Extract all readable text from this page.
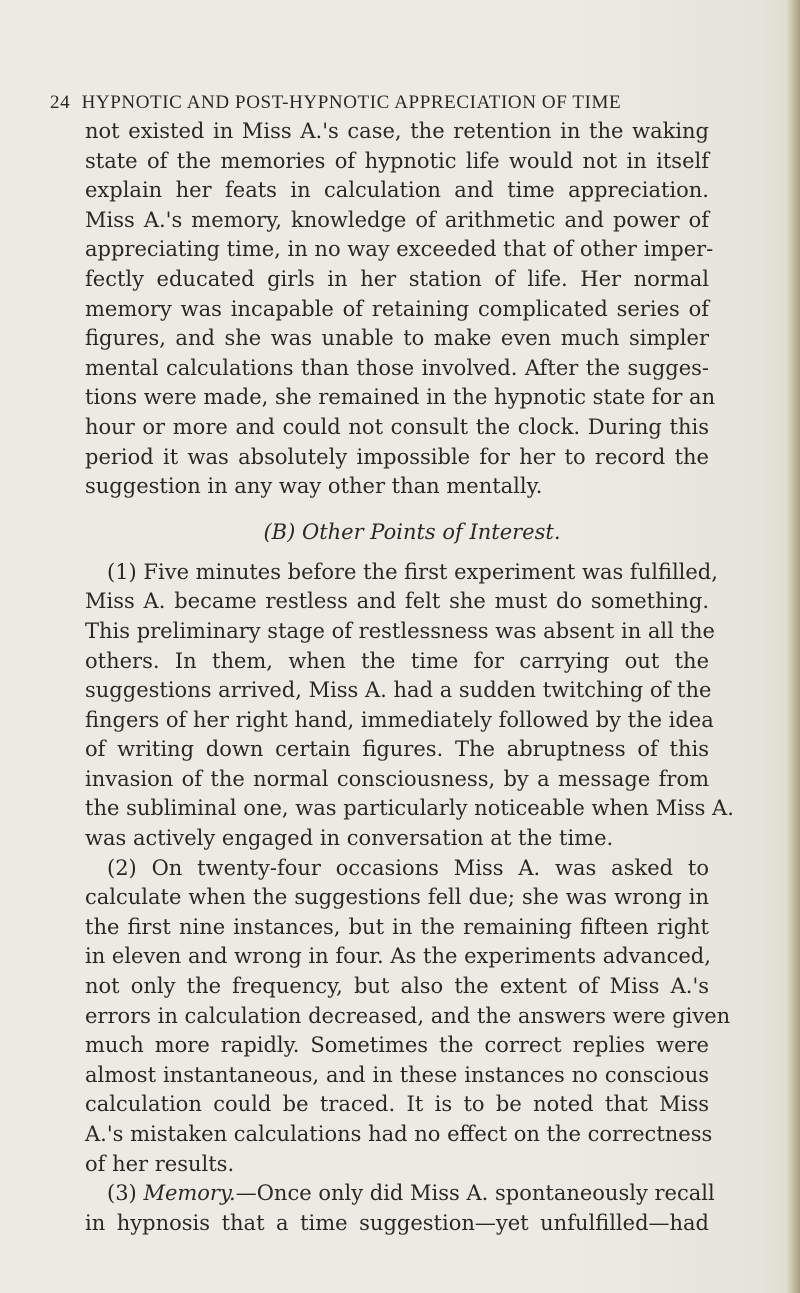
24 HYPNOTIC AND POST-HYPNOTIC APPRECIATION OF TIME

not existed in Miss A.'s case, the retention in the waking

state of the memories of hypnotic life would not in itself

explain her feats in calculation and time appreciation.

Miss A.'s memory, knowledge of arithmetic and power of

appreciating time, in no way exceeded that of other imper-

fectly educated girls in her station of life. Her normal

memory was incapable of retaining complicated series of

figures, and she was unable to make even much simpler

mental calculations than those involved. After the sugges-

tions were made, she remained in the hypnotic state for an

hour or more and could not consult the clock. During this

period it was absolutely impossible for her to record the

suggestion in any way other than mentally.

(B) Other Points of Interest.

(1) Five minutes before the first experiment was fulfilled,

Miss A. became restless and felt she must do something.

This preliminary stage of restlessness was absent in all the

others. In them, when the time for carrying out the

suggestions arrived, Miss A. had a sudden twitching of the

fingers of her right hand, immediately followed by the idea

of writing down certain figures. The abruptness of this

invasion of the normal consciousness, by a message from

the subliminal one, was particularly noticeable when Miss A.

was actively engaged in conversation at the time.

(2) On twenty-four occasions Miss A. was asked to

calculate when the suggestions fell due; she was wrong in

the first nine instances, but in the remaining fifteen right

in eleven and wrong in four. As the experiments advanced,

not only the frequency, but also the extent of Miss A.'s

errors in calculation decreased, and the answers were given

much more rapidly. Sometimes the correct replies were

almost instantaneous, and in these instances no conscious

calculation could be traced. It is to be noted that Miss

A.'s mistaken calculations had no effect on the correctness

of her results.

(3) Memory.—Once only did Miss A. spontaneously recall

in hypnosis that a time suggestion—yet unfulfilled—had
